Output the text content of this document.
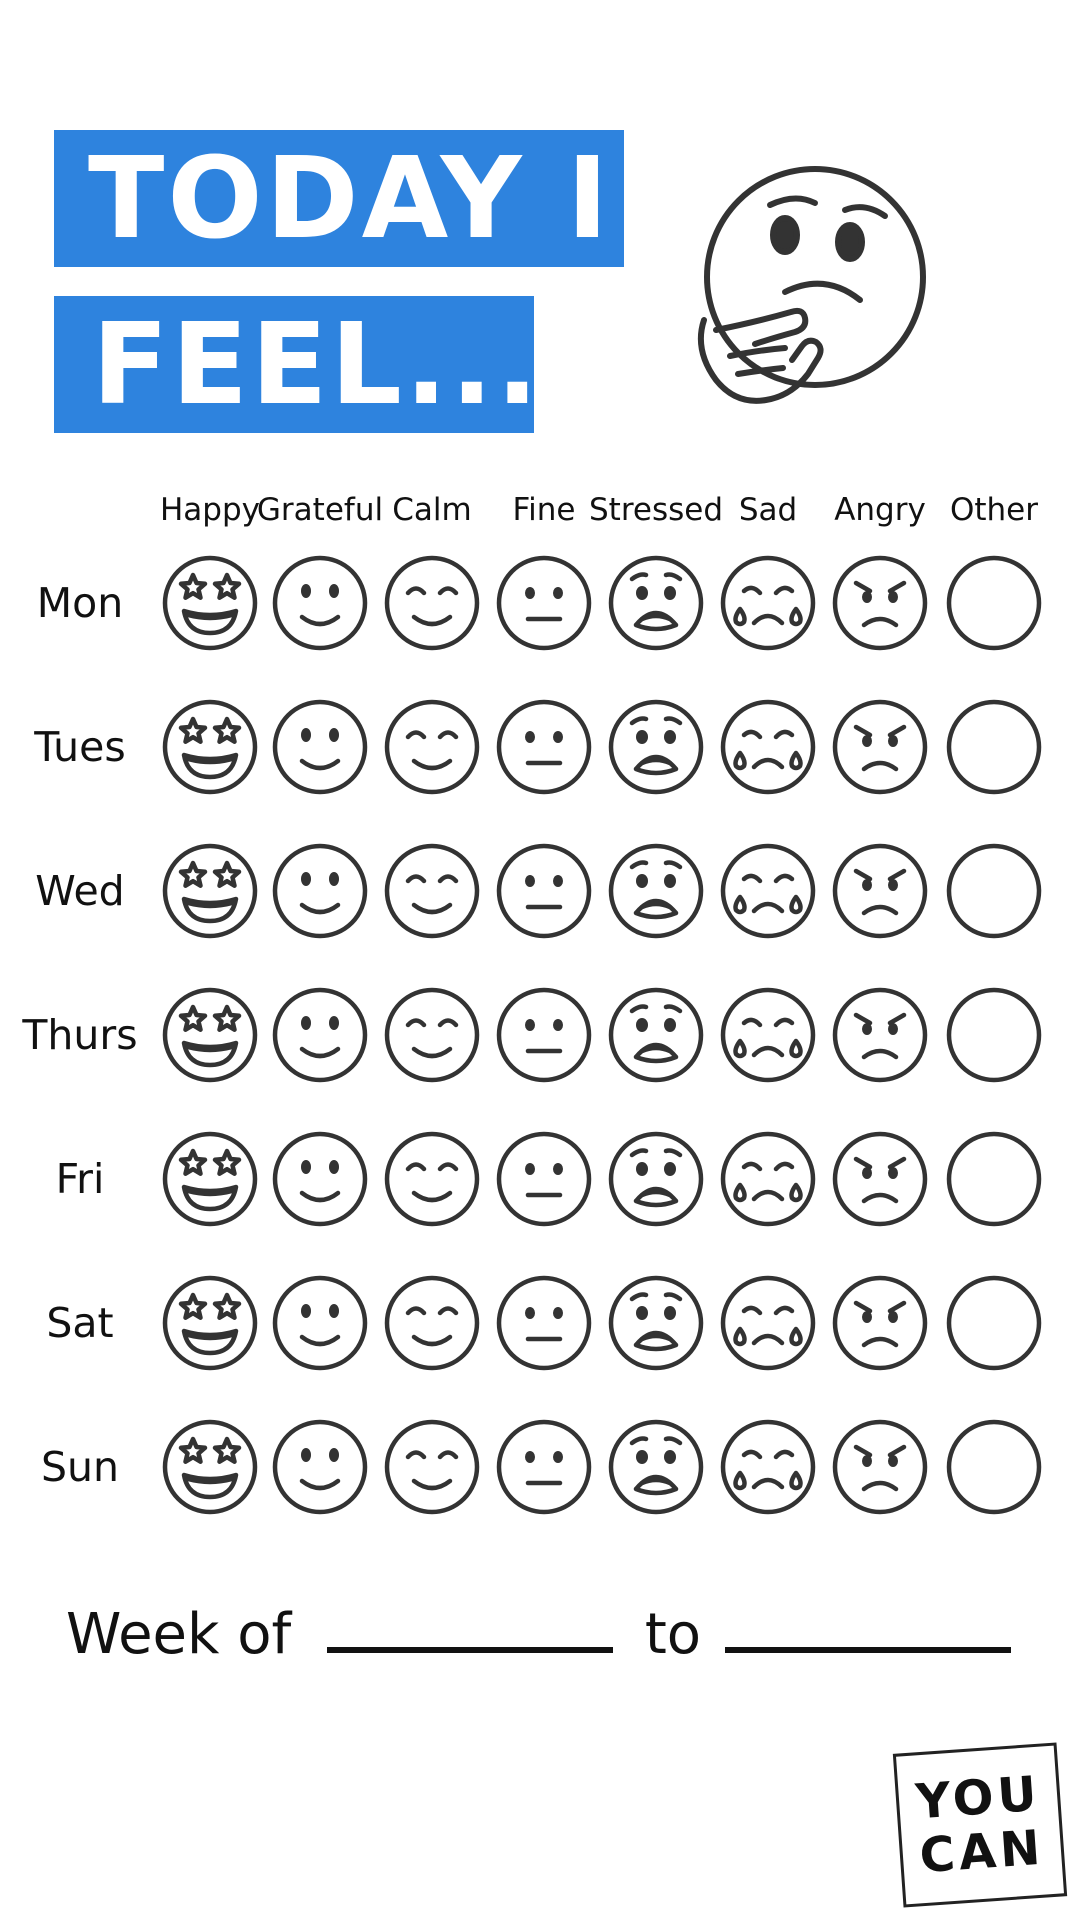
TODAY I
FEEL...
Happy
Grateful Calm Fine Stressed Sad Angry Other
Mon
Tues
Wed
Thurs
Fri
Sat
Sun
Week of	to
YOU
CAN
